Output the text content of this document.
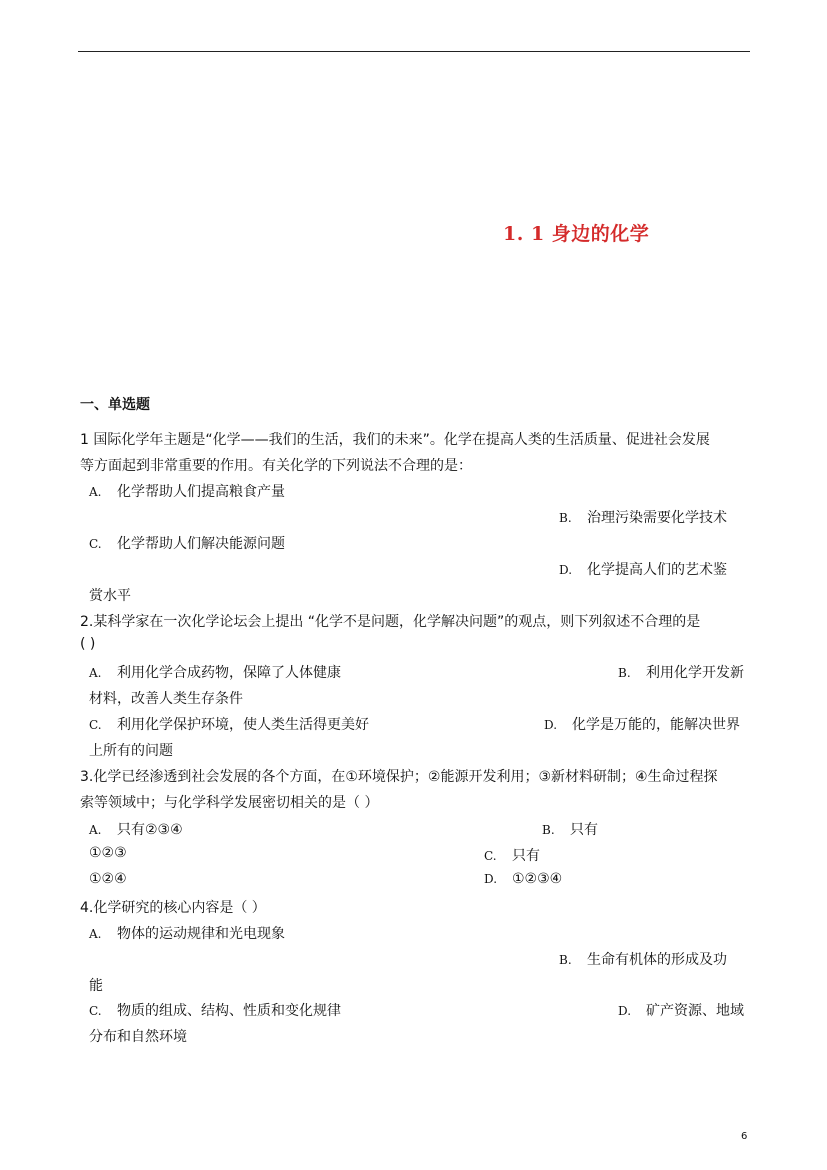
1. 1 身边的化学
一、单选题
1 国际化学年主题是“化学——我们的生活，我们的未来”。化学在提高人类的生活质量、促进社会发展
等方面起到非常重要的作用。有关化学的下列说法不合理的是：
A. 化学帮助人们提高粮食产量
B. 治理污染需要化学技术
C. 化学帮助人们解决能源问题
D. 化学提高人们的艺术鉴
赏水平
2.某科学家在一次化学论坛会上提出 “化学不是问题，化学解决问题”的观点，则下列叙述不合理的是
( )
A. 利用化学合成药物，保障了人体健康	B. 利用化学开发新
材料，改善人类生存条件
C. 利用化学保护环境，使人类生活得更美好	D. 化学是万能的，能解决世界
上所有的问题
3.化学已经渗透到社会发展的各个方面，在①环境保护；②能源开发利用；③新材料研制；④生命过程探
索等领域中；与化学科学发展密切相关的是（ ）
A. 只有②③④	B. 只有
①②③	C. 只有
①②④	D. ①②③④
4.化学研究的核心内容是（ ）
A. 物体的运动规律和光电现象
B. 生命有机体的形成及功
能
C. 物质的组成、结构、性质和变化规律	D. 矿产资源、地域
分布和自然环境
6
